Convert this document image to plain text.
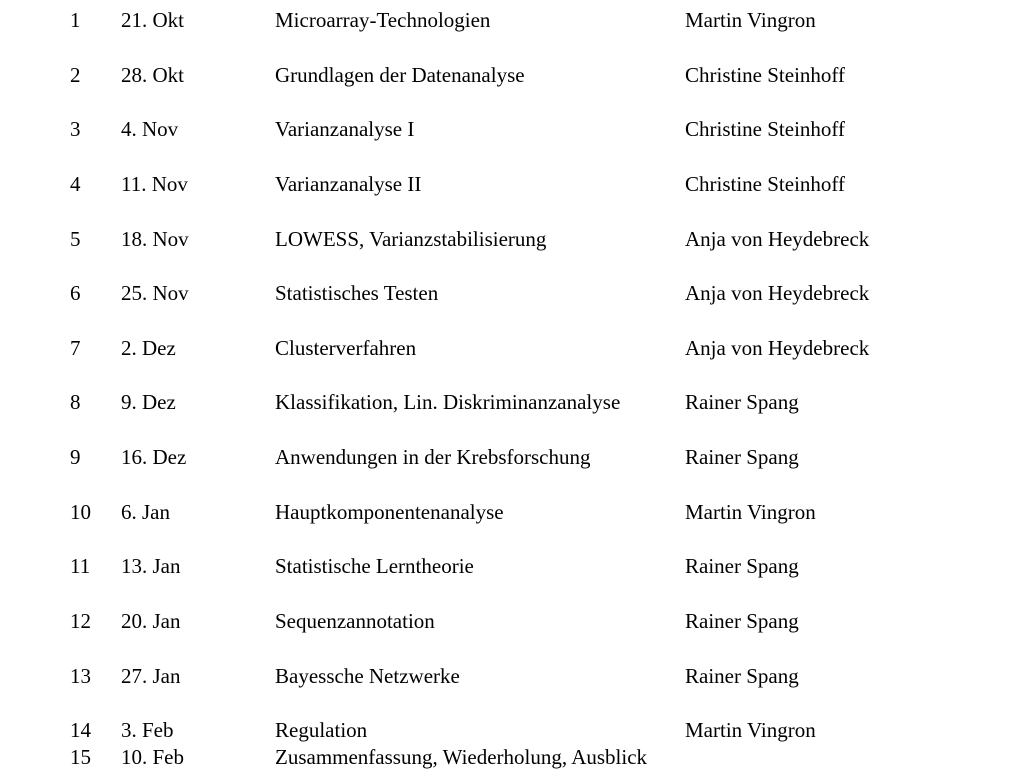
1 21. Okt	Microarray-Technologien	Martin Vingron
2 28. Okt	Grundlagen der Datenanalyse	Christine Steinhoff
3 4. Nov	Varianzanalyse I	Christine Steinhoff
4 11. Nov	Varianzanalyse II	Christine Steinhoff
5 18. Nov	LOWESS, Varianzstabilisierung	Anja von Heydebreck
6 25. Nov	Statistisches Testen	Anja von Heydebreck
7 2. Dez	Clusterverfahren	Anja von Heydebreck
8 9. Dez	Klassifikation, Lin. Diskriminanzanalyse	Rainer Spang
9 16. Dez	Anwendungen in der Krebsforschung	Rainer Spang
10 6. Jan	Hauptkomponentenanalyse	Martin Vingron
11 13. Jan	Statistische Lerntheorie	Rainer Spang
12 20. Jan	Sequenzannotation	Rainer Spang
13 27. Jan	Bayessche Netzwerke	Rainer Spang
14 3. Feb	Regulation	Martin Vingron
15 10. Feb	Zusammenfassung, Wiederholung, Ausblick
